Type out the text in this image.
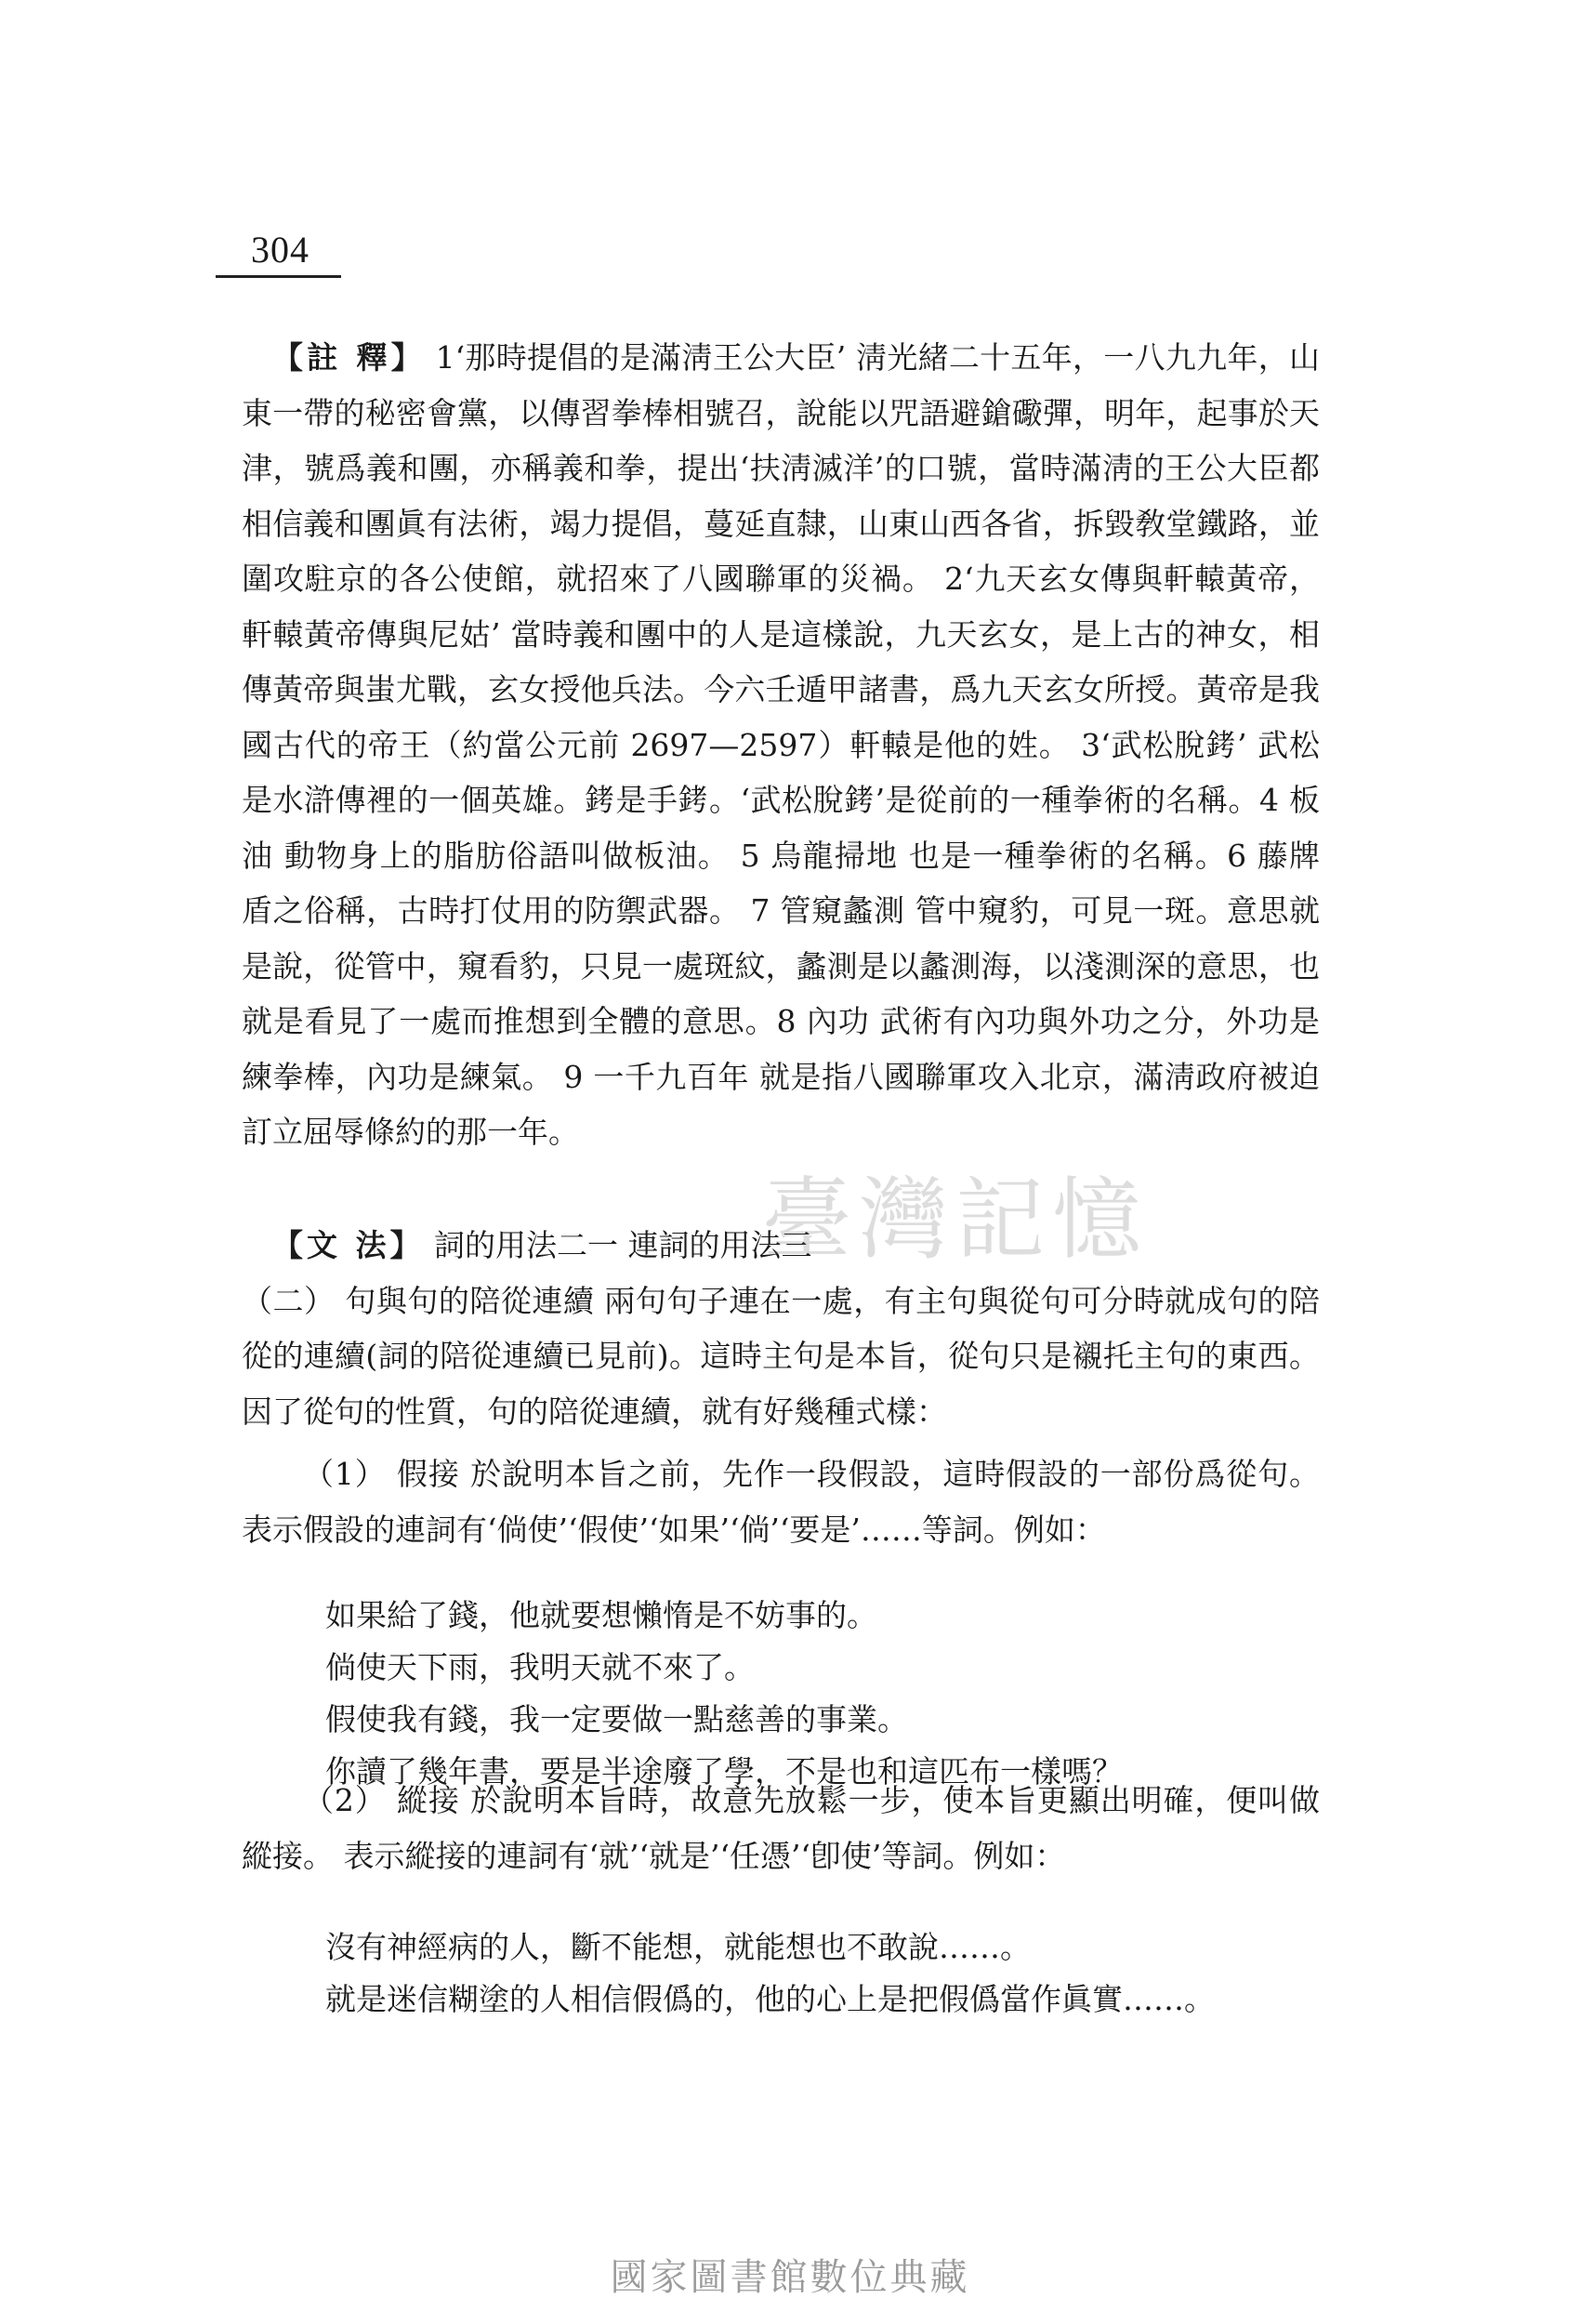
304
【註 釋】 1‘那時提倡的是滿淸王公大臣’ 淸光緒二十五年，一八九九年，山東一帶的秘密會黨，以傳習拳棒相號召，說能以咒語避鎗礮彈，明年，起事於天津，號爲義和團，亦稱義和拳，提出‘扶淸滅洋’的口號，當時滿淸的王公大臣都相信義和團眞有法術，竭力提倡，蔓延直隸，山東山西各省，拆毀敎堂鐵路，並圍攻駐京的各公使館，就招來了八國聯軍的災禍。 2‘九天玄女傳與軒轅黃帝，軒轅黃帝傳與尼姑’ 當時義和團中的人是這樣說，九天玄女，是上古的神女，相傳黃帝與蚩尤戰，玄女授他兵法。今六壬遁甲諸書，爲九天玄女所授。黃帝是我國古代的帝王（約當公元前 2697—2597）軒轅是他的姓。 3‘武松脫銬’ 武松是水滸傳裡的一個英雄。銬是手銬。‘武松脫銬’是從前的一種拳術的名稱。4 板油 動物身上的脂肪俗語叫做板油。 5 烏龍掃地 也是一種拳術的名稱。6 藤牌 盾之俗稱，古時打仗用的防禦武器。 7 管窺蠡測 管中窺豹，可見一斑。意思就是說，從管中，窺看豹，只見一處斑紋，蠡測是以蠡測海，以淺測深的意思，也就是看見了一處而推想到全體的意思。8 內功 武術有內功與外功之分，外功是練拳棒，內功是練氣。 9 一千九百年 就是指八國聯軍攻入北京，滿淸政府被迫訂立屈辱條約的那一年。
【文 法】 詞的用法二一 連詞的用法三
（二） 句與句的陪從連續 兩句句子連在一處，有主句與從句可分時就成句的陪從的連續(詞的陪從連續已見前)。這時主句是本旨，從句只是襯托主句的東西。因了從句的性質，句的陪從連續，就有好幾種式樣：
（1） 假接 於說明本旨之前，先作一段假設，這時假設的一部份爲從句。表示假設的連詞有‘倘使’‘假使’‘如果’‘倘’‘要是’……等詞。例如：
如果給了錢，他就要想懶惰是不妨事的。
倘使天下雨，我明天就不來了。
假使我有錢，我一定要做一點慈善的事業。
你讀了幾年書，要是半途廢了學，不是也和這匹布一樣嗎？
（2） 縱接 於說明本旨時，故意先放鬆一步，使本旨更顯出明確，便叫做縱接。 表示縱接的連詞有‘就’‘就是’‘任憑’‘卽使’等詞。例如：
沒有神經病的人，斷不能想，就能想也不敢說……。
就是迷信糊塗的人相信假僞的，他的心上是把假僞當作眞實……。
臺灣記憶
國家圖書館數位典藏
